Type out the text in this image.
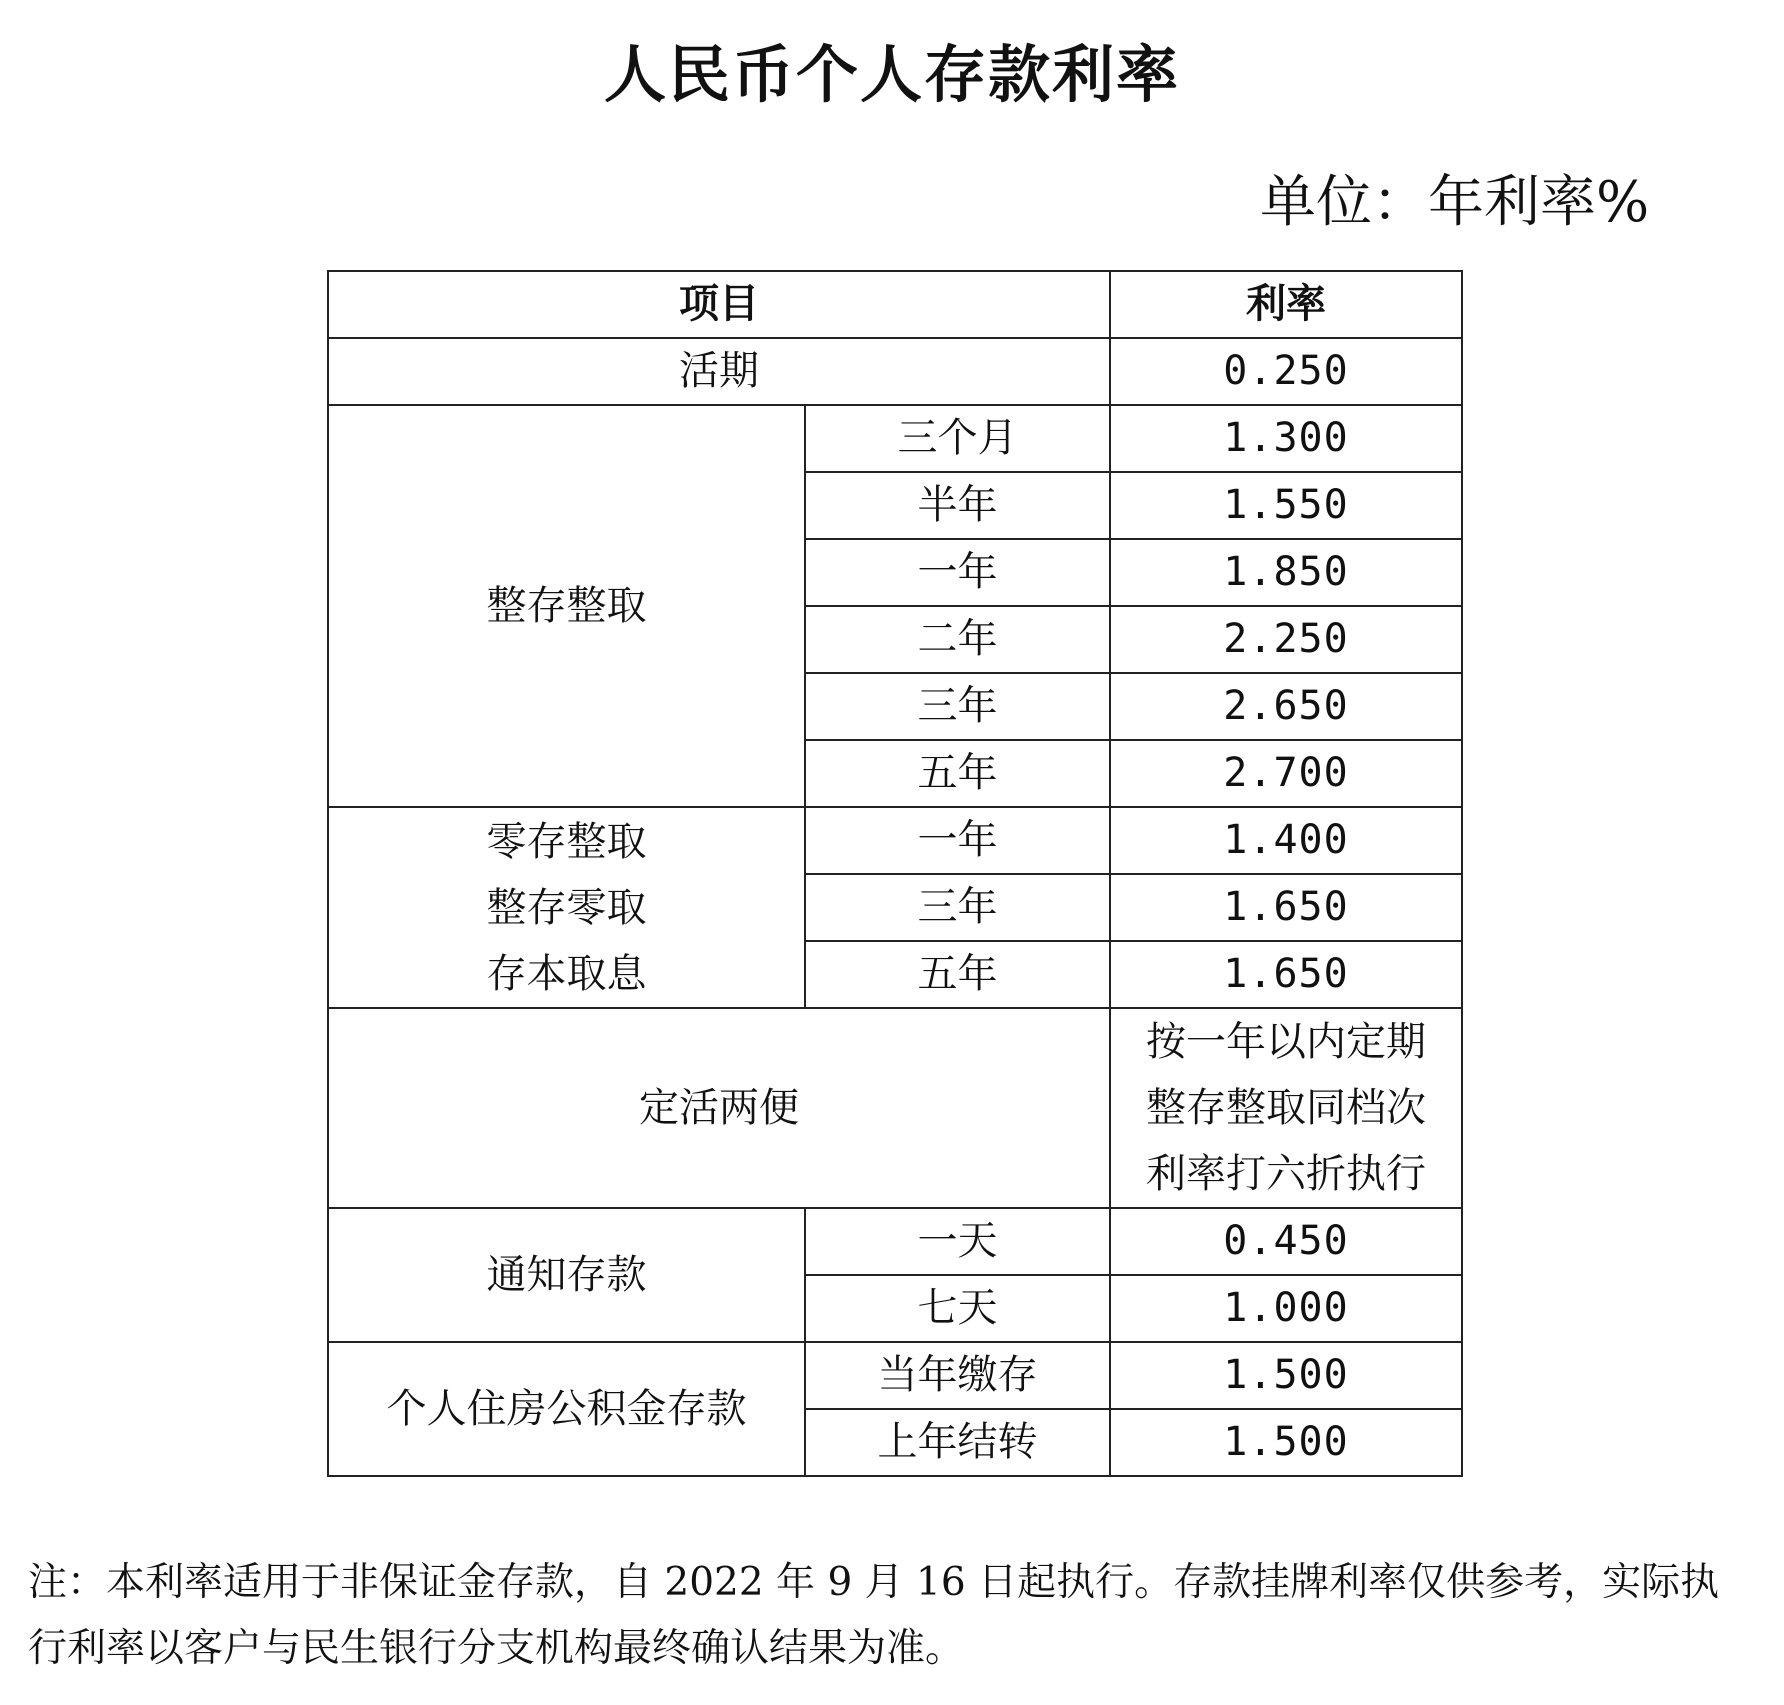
人民币个人存款利率
单位：年利率%
项目		利率
活期		0.250
整存整取	三个月	1.300
	半年	1.550
	一年	1.850
	二年	2.250
	三年	2.650
	五年	2.700

零存整取
整存零取
存本取息	一年	1.400
	三年	1.650
	五年	1.650
定活两便		按一年以内定期
整存整取同档次
利率打六折执行

通知存款	一天	0.450
	七天	1.000
个人住房公积金存款	当年缴存	1.500
	上年结转	1.500
注：本利率适用于非保证金存款，自 2022 年 9 月 16 日起执行。存款挂牌利率仅供参考，实际执行利率以客户与民生银行分支机构最终确认结果为准。
